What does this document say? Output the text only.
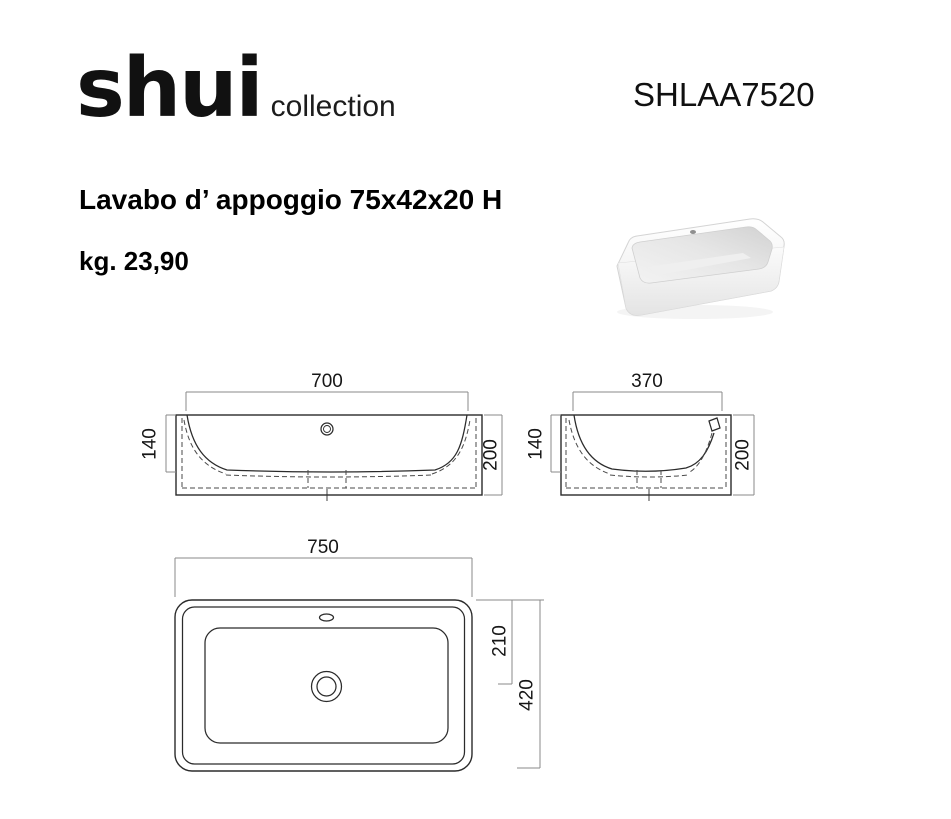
shui collection	SHLAA7520
Lavabo d’ appoggio 75x42x20 H
kg. 23,90
700
140	200
370
140	200
750
210
420
